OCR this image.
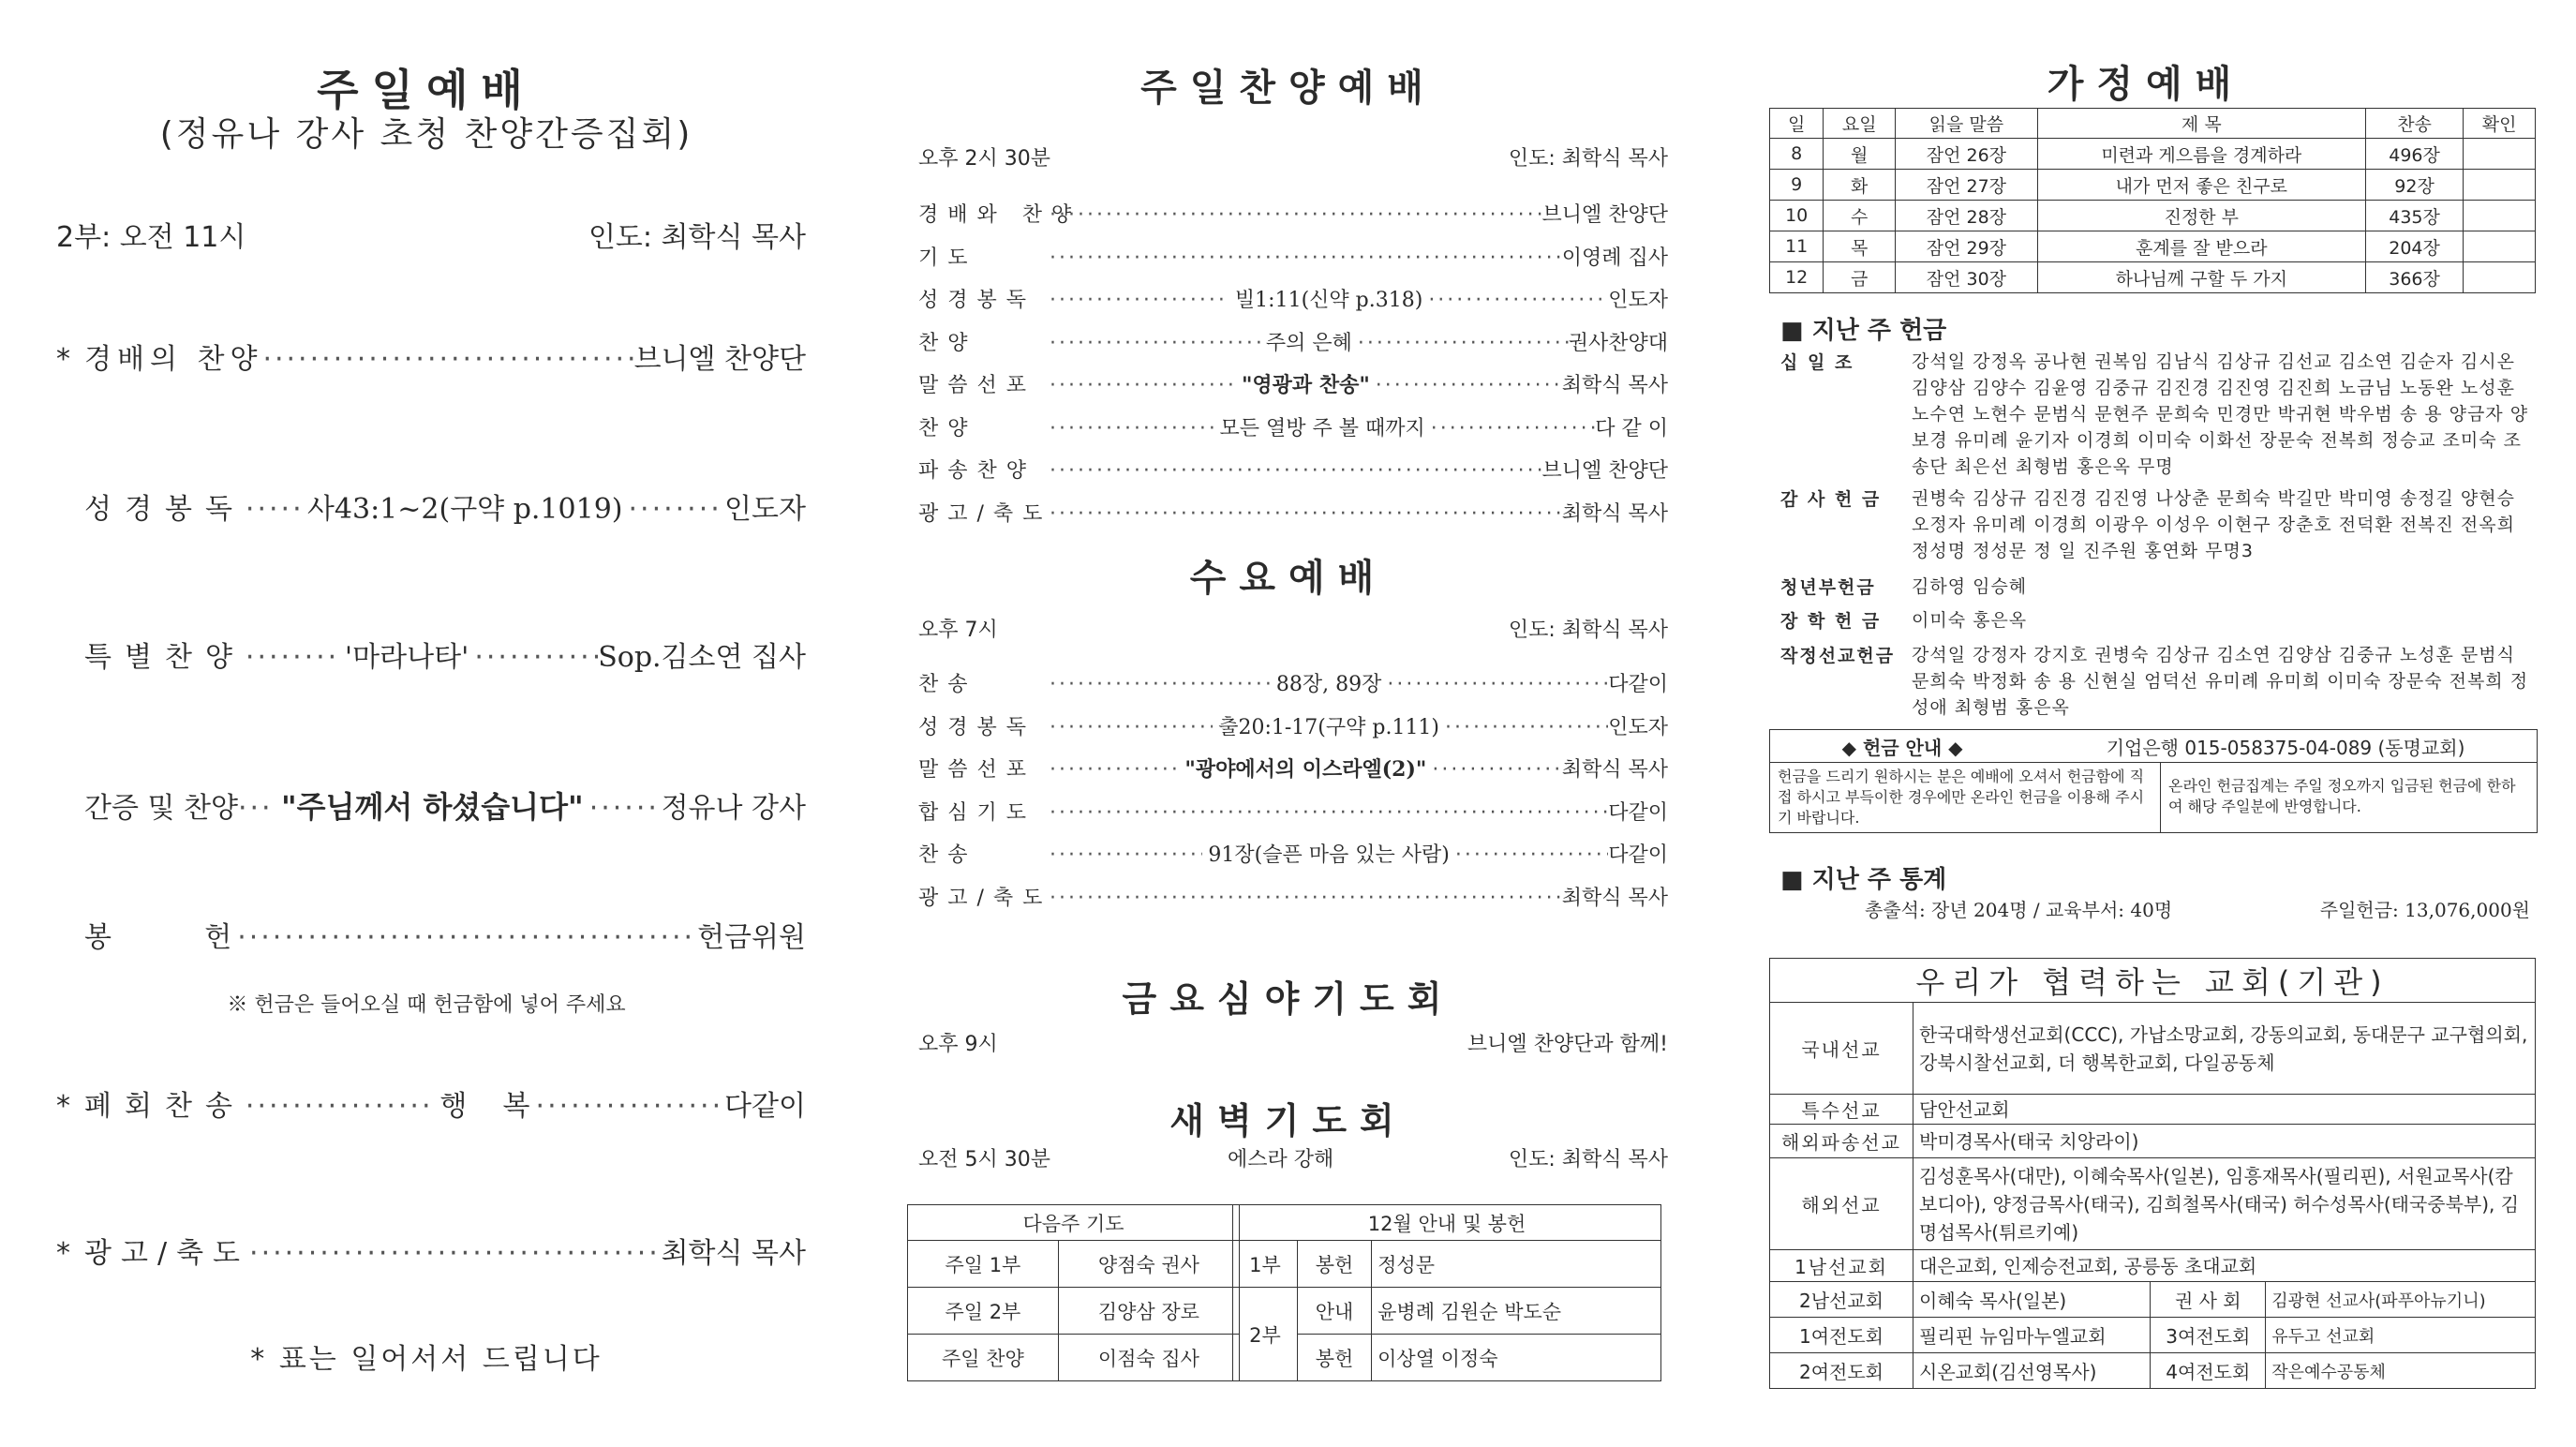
주일예배
(정유나 강사 초청 찬양간증집회)
2부: 오전 11시	인도: 최학식 목사
* 경배의 찬양 ·····	브니엘 찬양단
성경봉독 ····· 사43:1~2(구약 p.1019) ·····	인도자
특별찬양 ·····	'마라나타' ·····	Sop.김소연 집사
간증 및 찬양 ····· "주님께서 하셨습니다" ·····	정유나 강사
봉      헌 ·····	헌금위원
※ 헌금은 들어오실 때 헌금함에 넣어 주세요
* 폐회찬송 ·····	행    복 ·····	다같이
* 광고/축도 ·····	최학식 목사
* 표는 일어서서 드립니다
주일찬양예배
오후 2시 30분	인도: 최학식 목사
경배와 찬양 ·····	브니엘 찬양단
기도 ·····	이영례 집사
성경봉독 ·····	빌1:11(신약 p.318) ·····	인도자
찬양 ·····	주의 은혜 ·····	권사찬양대
말씀선포 ·····	"영광과 찬송" ·····	최학식 목사
찬양 ·····	모든 열방 주 볼 때까지 ·····	다 같 이
파송찬양 ·····	브니엘 찬양단
광고/축도 ·····	최학식 목사
수요예배
오후 7시	인도: 최학식 목사
찬송 ·····	88장, 89장 ·····	다같이
성경봉독 ·····	출20:1-17(구약 p.111) ·····	인도자
말씀선포 ·····	"광야에서의 이스라엘(2)" ·····	최학식 목사
합심기도 ·····	다같이
찬송 ·····	91장(슬픈 마음 있는 사람) ·····	다같이
광고/축도 ·····	최학식 목사
금요심야기도회
오후 9시	브니엘 찬양단과 함께!
새벽기도회
오전 5시 30분	에스라 강해	인도: 최학식 목사
다음주 기도	
주일 1부	양점숙 권사
주일 2부	김양삼 장로
주일 찬양	이점숙 집사
12월 안내 및 봉헌		
1부	봉헌	정성문
2부	안내	윤병례 김원순 박도순
	봉헌	이상열 이정숙
가정예배
일	요일	읽을 말씀	제 목	찬송	확인
8	월	잠언 26장	미련과 게으름을 경계하라	496장	
9	화	잠언 27장	내가 먼저 좋은 친구로	92장	
10	수	잠언 28장	진정한 부	435장	
11	목	잠언 29장	훈계를 잘 받으라	204장	
12	금	잠언 30장	하나님께 구할 두 가지	366장	
■ 지난 주 헌금
십 일 조	강석일 강정옥 공나현 권복임 김남식 김상규 김선교 김소연 김순자 김시온 김양삼 김양수 김윤영 김중규 김진경 김진영 김진희 노금님 노동완 노성훈 노수연 노현수 문범식 문현주 문희숙 민경만 박귀현 박우범 송 용 양금자 양보경 유미례 윤기자 이경희 이미숙 이화선 장문숙 전복희 정승교 조미숙 조송단 최은선 최형범 홍은옥 무명
감 사 헌 금	권병숙 김상규 김진경 김진영 나상춘 문희숙 박길만 박미영 송정길 양현승 오정자 유미례 이경희 이광우 이성우 이현구 장춘호 전덕환 전복진 전옥희 정성명 정성문 정 일 진주원 홍연화 무명3
청년부헌금	김하영 임승혜
장 학 헌 금	이미숙 홍은옥
작정선교헌금 강석일 강정자 강지호 권병숙 김상규 김소연 김양삼 김중규 노성훈 문범식 문희숙 박정화 송 용 신현실 엄덕선 유미례 유미희 이미숙 장문숙 전복희 정성애 최형범 홍은옥
◆ 헌금 안내 ◆	기업은행 015-058375-04-089 (동명교회)
헌금을 드리기 원하시는 분은 예배에 오셔서 헌금함에 직접 하시고 부득이한 경우에만 온라인 헌금을 이용해 주시기 바랍니다.
온라인 헌금집계는 주일 정오까지 입금된 헌금에 한하여 해당 주일분에 반영합니다.
■ 지난 주 통계
총출석: 장년 204명 / 교육부서: 40명	주일헌금: 13,076,000원
우리가 협력하는 교회(기관)			
국내선교	한국대학생선교회(CCC), 가납소망교회, 강동의교회, 동대문구 교구협의회, 강북시찰선교회, 더 행복한교회, 다일공동체		
특수선교	담안선교회		
해외파송선교	박미경목사(태국 치앙라이)		
해외선교	김성훈목사(대만), 이혜숙목사(일본), 임흥재목사(필리핀), 서원교목사(캄보디아), 양정금목사(태국), 김희철목사(태국) 허수성목사(태국중북부), 김명섭목사(튀르키예)		
1남선교회	대은교회, 인제승전교회, 공릉동 초대교회		
2남선교회	이혜숙 목사(일본)	권 사 회	김광현 선교사(파푸아뉴기니)
1여전도회	필리핀 뉴임마누엘교회	3여전도회	유두고 선교회
2여전도회	시온교회(김선영목사)	4여전도회	작은예수공동체
